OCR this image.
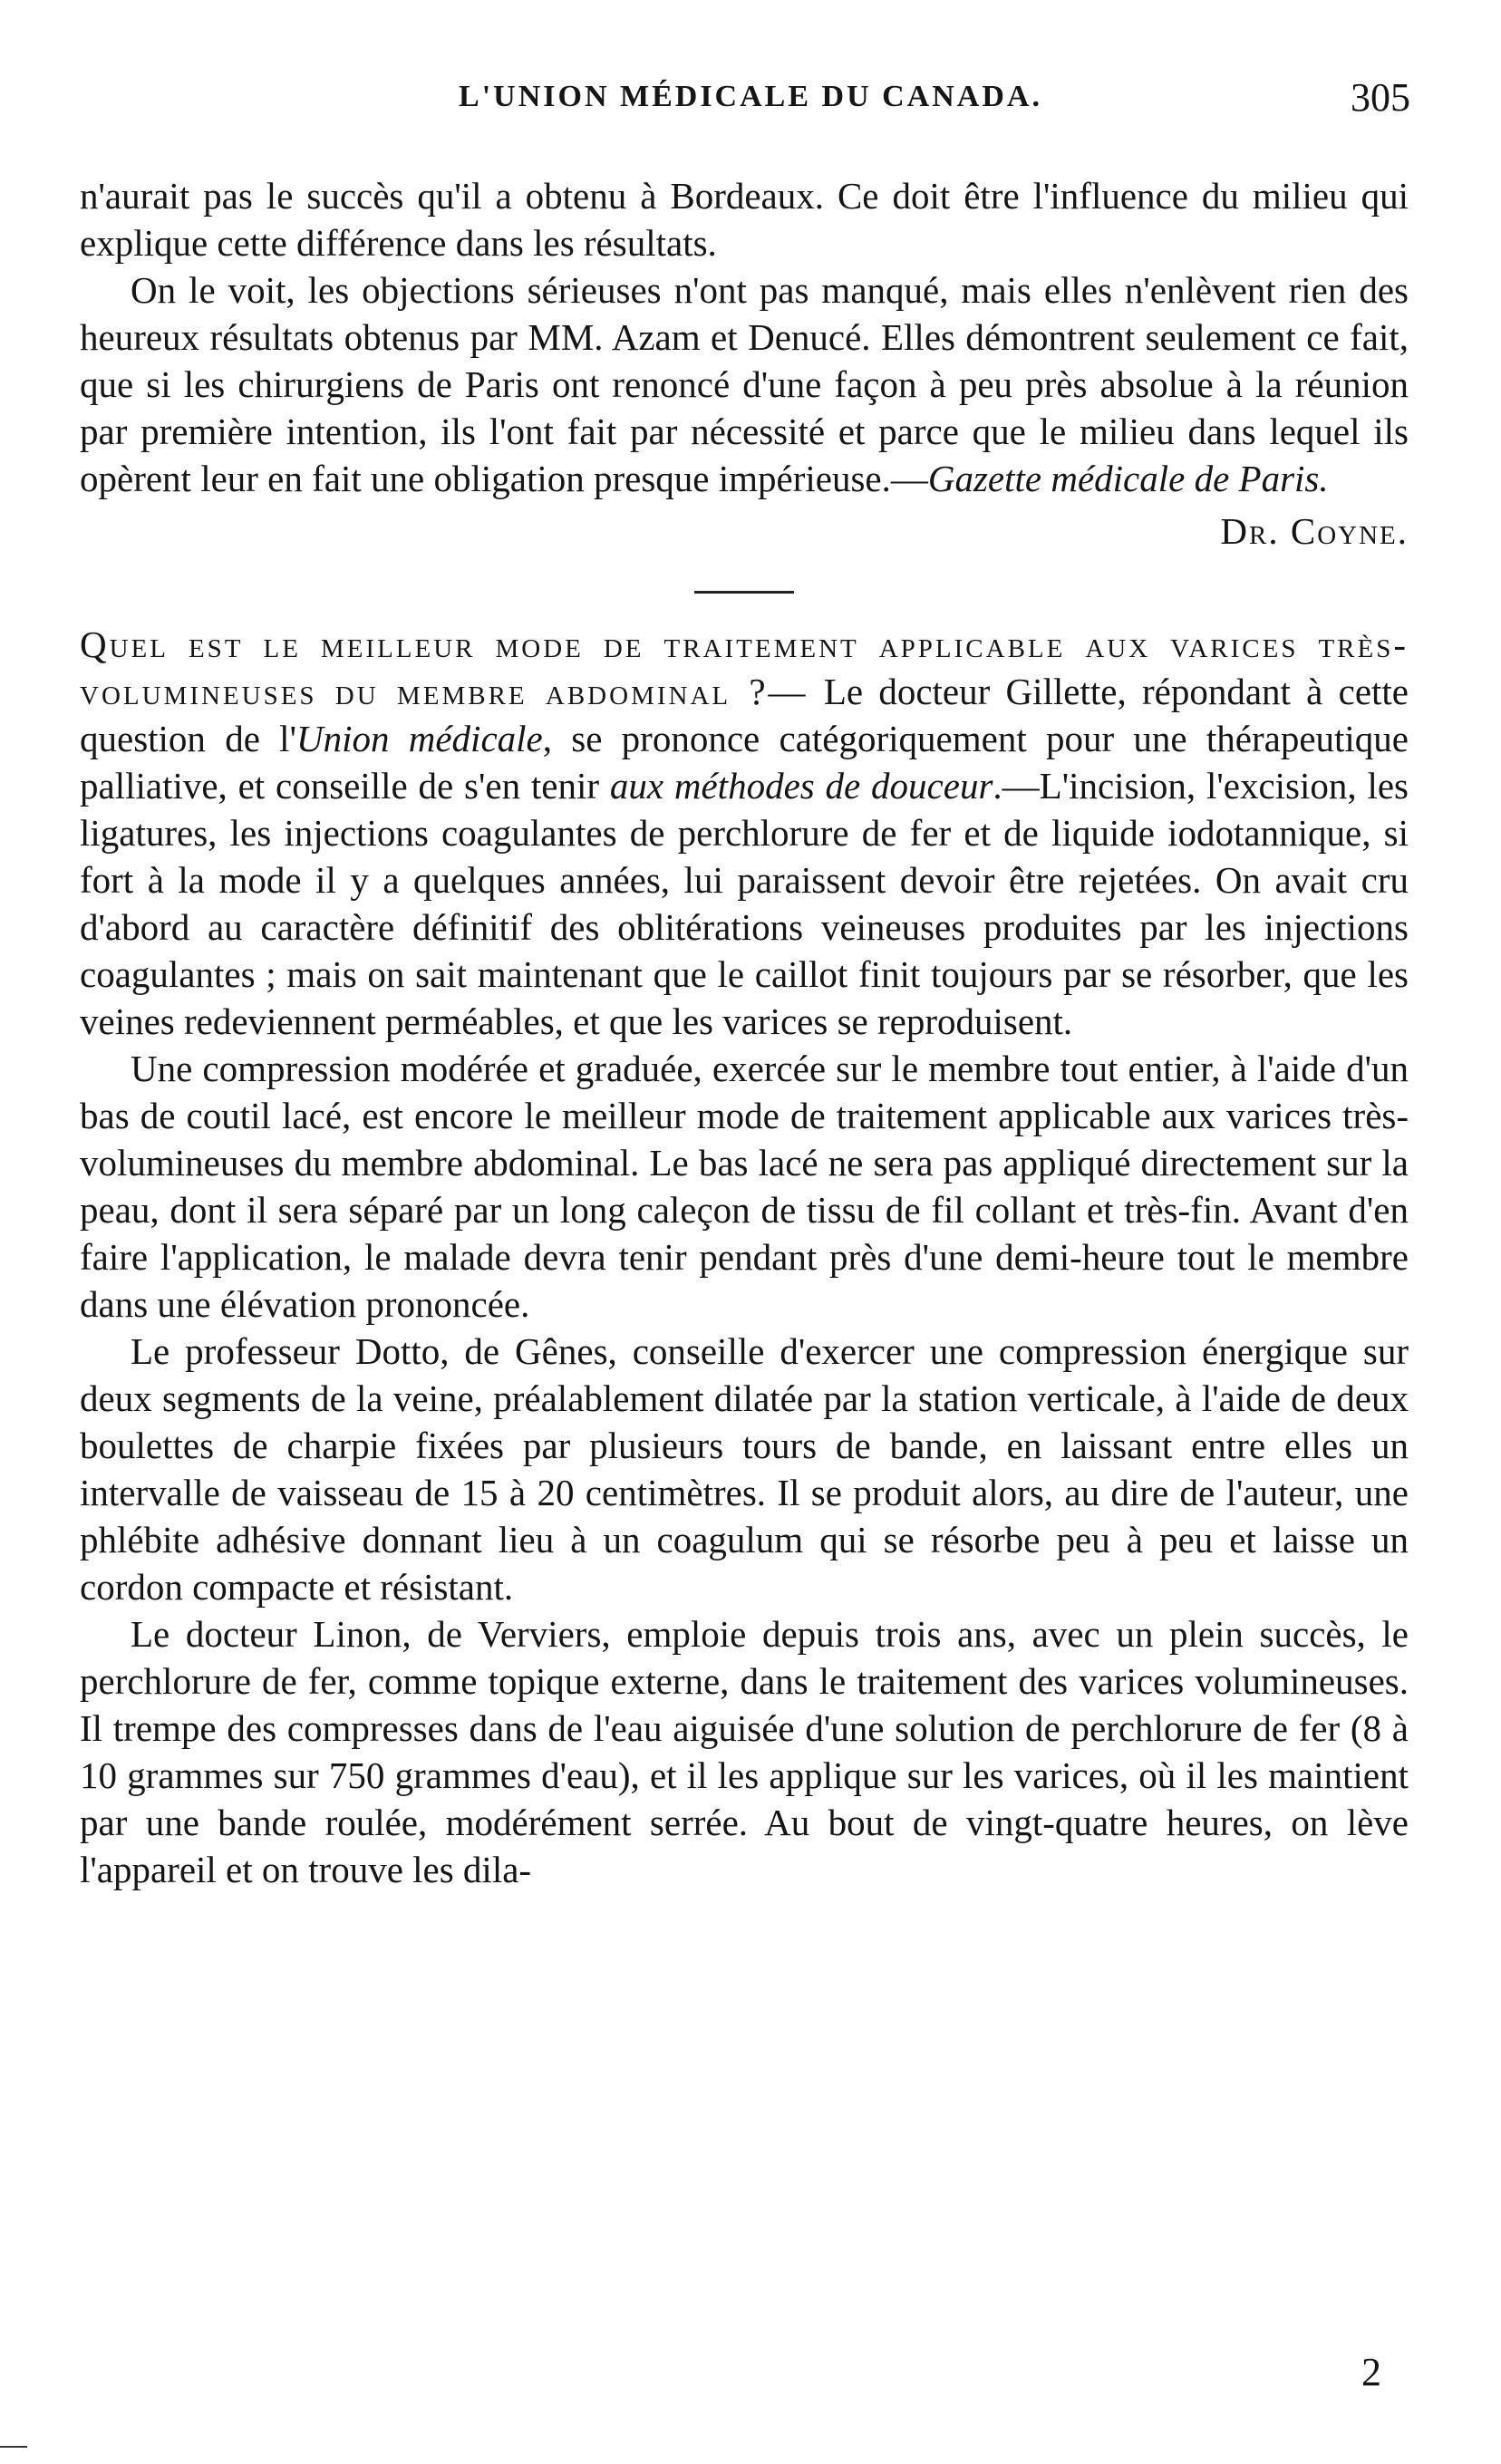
L'UNION MÉDICALE DU CANADA.	305

n'aurait pas le succès qu'il a obtenu à Bordeaux. Ce doit être l'influence du milieu qui explique cette différence dans les résultats.

On le voit, les objections sérieuses n'ont pas manqué, mais elles n'enlèvent rien des heureux résultats obtenus par MM. Azam et Denucé. Elles démontrent seulement ce fait, que si les chirurgiens de Paris ont renoncé d'une façon à peu près absolue à la réunion par première intention, ils l'ont fait par nécessité et parce que le milieu dans lequel ils opèrent leur en fait une obligation presque impérieuse.—Gazette médicale de Paris.

Dr. Coyne.

Quel est le meilleur mode de traitement applicable aux varices très-volumineuses du membre abdominal ?— Le docteur Gillette, répondant à cette question de l'Union médicale, se prononce catégoriquement pour une thérapeutique palliative, et conseille de s'en tenir aux méthodes de douceur.—L'incision, l'excision, les ligatures, les injections coagulantes de perchlorure de fer et de liquide iodotannique, si fort à la mode il y a quelques années, lui paraissent devoir être rejetées. On avait cru d'abord au caractère définitif des oblitérations veineuses produites par les injections coagulantes ; mais on sait maintenant que le caillot finit toujours par se résorber, que les veines redeviennent perméables, et que les varices se reproduisent.

Une compression modérée et graduée, exercée sur le membre tout entier, à l'aide d'un bas de coutil lacé, est encore le meilleur mode de traitement applicable aux varices très-volumineuses du membre abdominal. Le bas lacé ne sera pas appliqué directement sur la peau, dont il sera séparé par un long caleçon de tissu de fil collant et très-fin. Avant d'en faire l'application, le malade devra tenir pendant près d'une demi-heure tout le membre dans une élévation prononcée.

Le professeur Dotto, de Gênes, conseille d'exercer une compression énergique sur deux segments de la veine, préalablement dilatée par la station verticale, à l'aide de deux boulettes de charpie fixées par plusieurs tours de bande, en laissant entre elles un intervalle de vaisseau de 15 à 20 centimètres. Il se produit alors, au dire de l'auteur, une phlébite adhésive donnant lieu à un coagulum qui se résorbe peu à peu et laisse un cordon compacte et résistant.

Le docteur Linon, de Verviers, emploie depuis trois ans, avec un plein succès, le perchlorure de fer, comme topique externe, dans le traitement des varices volumineuses. Il trempe des compresses dans de l'eau aiguisée d'une solution de perchlorure de fer (8 à 10 grammes sur 750 grammes d'eau), et il les applique sur les varices, où il les maintient par une bande roulée, modérément serrée. Au bout de vingt-quatre heures, on lève l'appareil et on trouve les dila-

2
